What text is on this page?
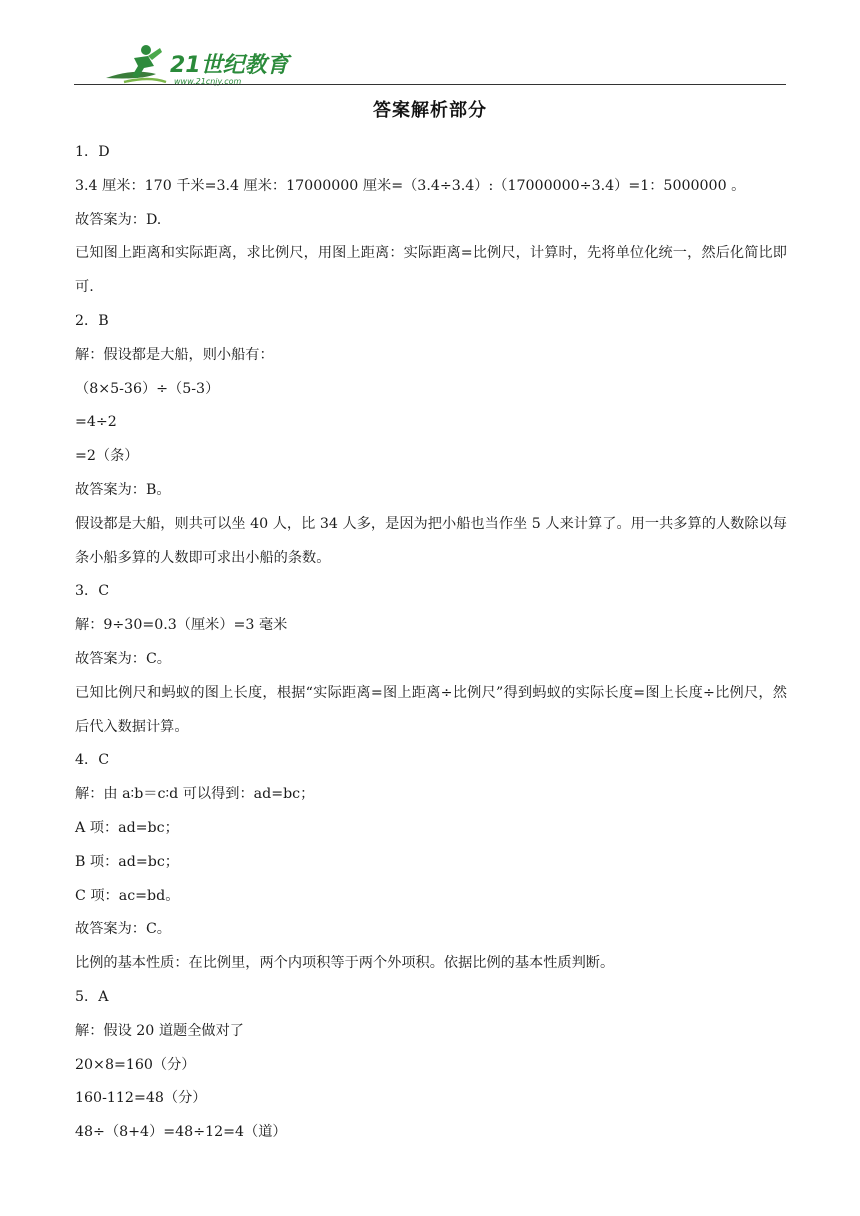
21世纪教育
www.21cnjy.com
答案解析部分
1．D
3.4 厘米：170 千米=3.4 厘米：17000000 厘米=（3.4÷3.4）:（17000000÷3.4）=1：5000000 。
故答案为：D.
已知图上距离和实际距离，求比例尺，用图上距离：实际距离=比例尺，计算时，先将单位化统一，然后化简比即可.
2．B
解：假设都是大船，则小船有：
（8×5-36）÷（5-3）
=4÷2
=2（条）
故答案为：B。
假设都是大船，则共可以坐 40 人，比 34 人多，是因为把小船也当作坐 5 人来计算了。用一共多算的人数除以每条小船多算的人数即可求出小船的条数。
3．C
解：9÷30=0.3（厘米）=3 毫米
故答案为：C。
已知比例尺和蚂蚁的图上长度，根据“实际距离=图上距离÷比例尺”得到蚂蚁的实际长度=图上长度÷比例尺，然后代入数据计算。
4．C
解：由 a∶b＝c∶d 可以得到：ad=bc；
A 项：ad=bc；
B 项：ad=bc；
C 项：ac=bd。
故答案为：C。
比例的基本性质：在比例里，两个内项积等于两个外项积。依据比例的基本性质判断。
5．A
解：假设 20 道题全做对了
20×8=160（分）
160-112=48（分）
48÷（8+4）=48÷12=4（道）
